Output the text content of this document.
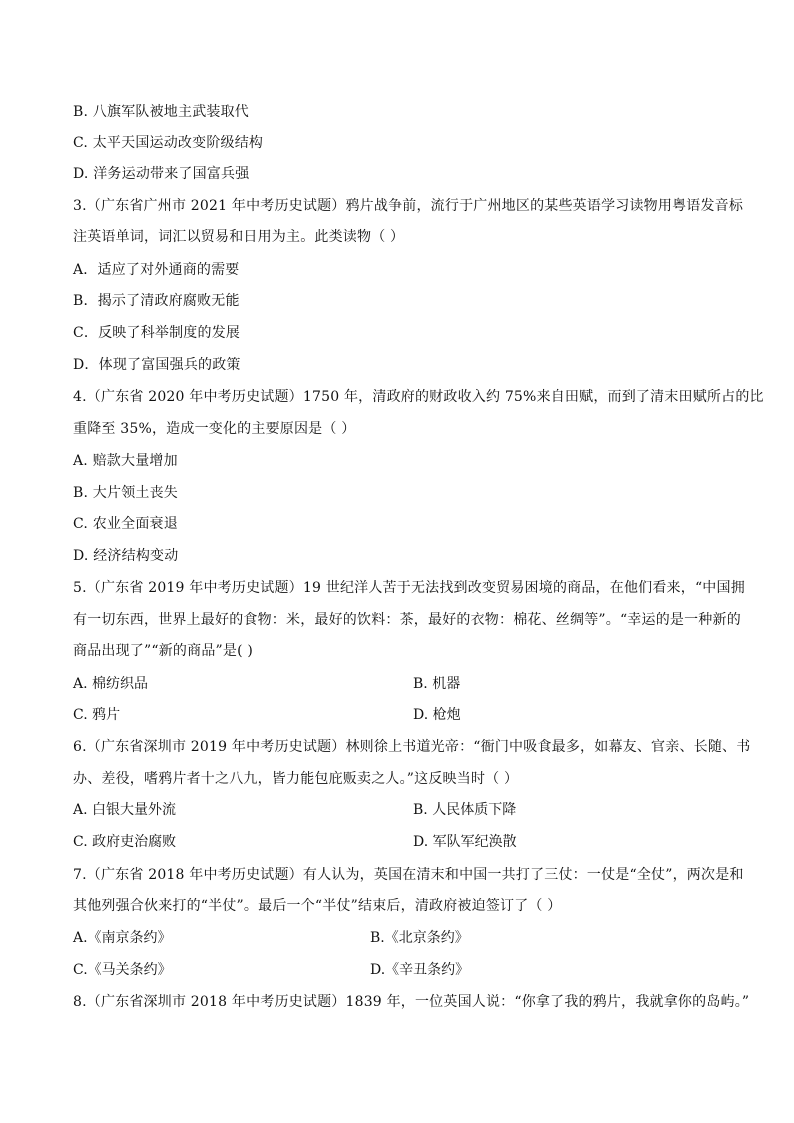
B. 八旗军队被地主武装取代
C. 太平天国运动改变阶级结构
D. 洋务运动带来了国富兵强
3.（广东省广州市 2021 年中考历史试题）鸦片战争前，流行于广州地区的某些英语学习读物用粤语发音标
注英语单词，词汇以贸易和日用为主。此类读物（ ）
A．适应了对外通商的需要
B．揭示了清政府腐败无能
C．反映了科举制度的发展
D．体现了富国强兵的政策
4.（广东省 2020 年中考历史试题）1750 年，清政府的财政收入约 75%来自田赋，而到了清末田赋所占的比
重降至 35%，造成一变化的主要原因是（ ）
A. 赔款大量增加
B. 大片领土丧失
C. 农业全面衰退
D. 经济结构变动
5.（广东省 2019 年中考历史试题）19 世纪洋人苦于无法找到改变贸易困境的商品，在他们看来，“中国拥
有一切东西，世界上最好的食物：米，最好的饮料：茶，最好的衣物：棉花、丝绸等”。“幸运的是一种新的
商品出现了”“新的商品”是( )
A. 棉纺织品	B. 机器
C. 鸦片	D. 枪炮
6.（广东省深圳市 2019 年中考历史试题）林则徐上书道光帝：“衙门中吸食最多，如幕友、官亲、长随、书
办、差役，嗜鸦片者十之八九，皆力能包庇贩卖之人。”这反映当时（ ）
A. 白银大量外流	B. 人民体质下降
C. 政府吏治腐败	D. 军队军纪涣散
7.（广东省 2018 年中考历史试题）有人认为，英国在清末和中国一共打了三仗：一仗是“全仗”，两次是和
其他列强合伙来打的“半仗”。最后一个“半仗”结束后，清政府被迫签订了（ ）
A.《南京条约》	B.《北京条约》
C.《马关条约》	D.《辛丑条约》
8.（广东省深圳市 2018 年中考历史试题）1839 年，一位英国人说：“你拿了我的鸦片，我就拿你的岛屿。”
